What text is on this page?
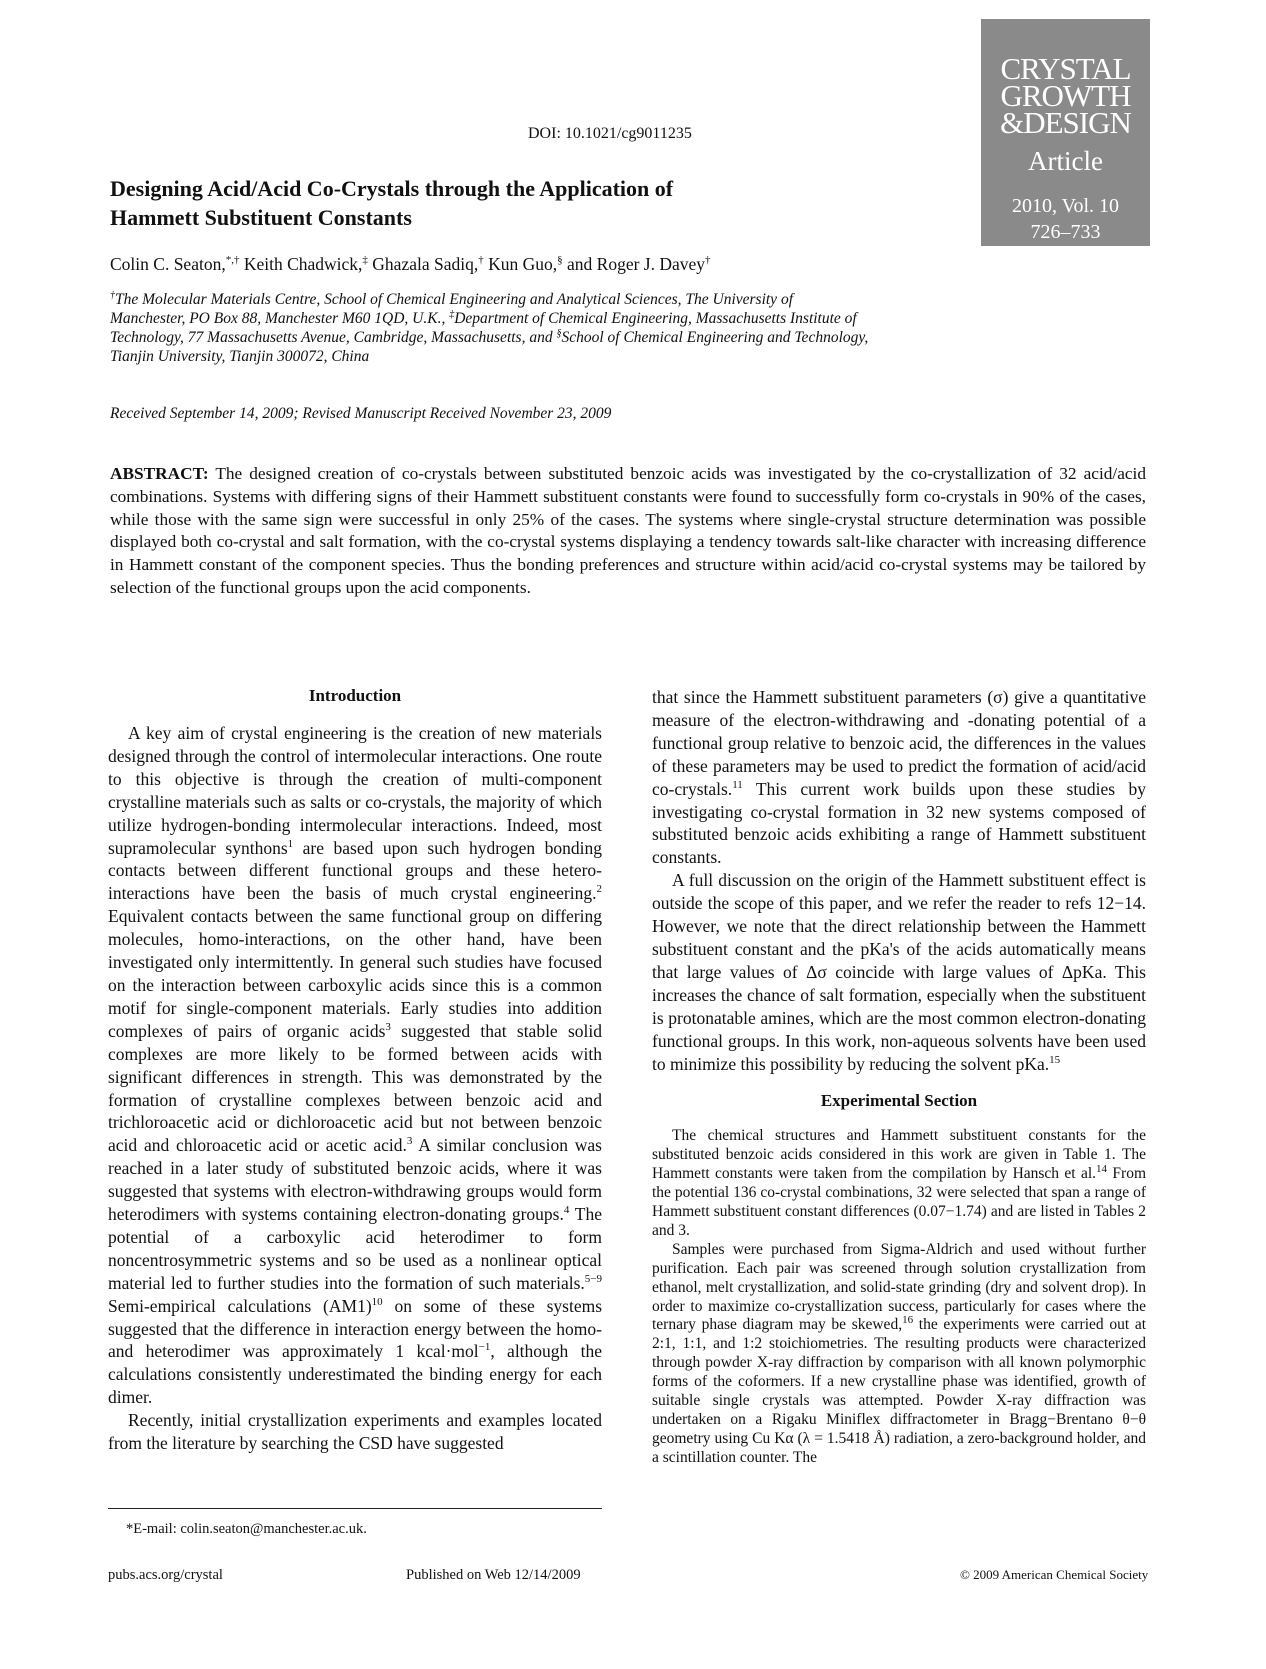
DOI: 10.1021/cg9011235
CRYSTAL
GROWTH
&DESIGN
Article
2010, Vol. 10
726–733
Designing Acid/Acid Co-Crystals through the Application of Hammett Substituent Constants
Colin C. Seaton,*,† Keith Chadwick,‡ Ghazala Sadiq,† Kun Guo,§ and Roger J. Davey†
†The Molecular Materials Centre, School of Chemical Engineering and Analytical Sciences, The University of Manchester, PO Box 88, Manchester M60 1QD, U.K., ‡Department of Chemical Engineering, Massachusetts Institute of Technology, 77 Massachusetts Avenue, Cambridge, Massachusetts, and §School of Chemical Engineering and Technology, Tianjin University, Tianjin 300072, China
Received September 14, 2009; Revised Manuscript Received November 23, 2009

ABSTRACT: The designed creation of co-crystals between substituted benzoic acids was investigated by the co-crystallization of 32 acid/acid combinations. Systems with differing signs of their Hammett substituent constants were found to successfully form co-crystals in 90% of the cases, while those with the same sign were successful in only 25% of the cases. The systems where single-crystal structure determination was possible displayed both co-crystal and salt formation, with the co-crystal systems displaying a tendency towards salt-like character with increasing difference in Hammett constant of the component species. Thus the bonding preferences and structure within acid/acid co-crystal systems may be tailored by selection of the functional groups upon the acid components.

Introduction

A key aim of crystal engineering is the creation of new materials designed through the control of intermolecular interactions. One route to this objective is through the creation of multi-component crystalline materials such as salts or co-crystals, the majority of which utilize hydrogen-bonding intermolecular interactions. Indeed, most supramolecular synthons$^1$ are based upon such hydrogen bonding contacts between different functional groups and these hetero-interactions have been the basis of much crystal engineering.$^2$ Equivalent contacts between the same functional group on differing molecules, homo-interactions, on the other hand, have been investigated only intermittently. In general such studies have focused on the interaction between carboxylic acids since this is a common motif for single-component materials. Early studies into addition complexes of pairs of organic acids$^3$ suggested that stable solid complexes are more likely to be formed between acids with significant differences in strength. This was demonstrated by the formation of crystalline complexes between benzoic acid and trichloroacetic acid or dichloroacetic acid but not between benzoic acid and chloroacetic acid or acetic acid.$^3$ A similar conclusion was reached in a later study of substituted benzoic acids, where it was suggested that systems with electron-withdrawing groups would form heterodimers with systems containing electron-donating groups.$^4$ The potential of a carboxylic acid heterodimer to form noncentrosymmetric systems and so be used as a nonlinear optical material led to further studies into the formation of such materials.$^{5-9}$ Semi-empirical calculations $(AM1)^{10}$ on some of these systems suggested that the difference in interaction energy between the homo- and heterodimer was approximately 1 kcal·mol$^{-1}$, although the calculations consistently underestimated the binding energy for each dimer.

Recently, initial crystallization experiments and examples located from the literature by searching the CSD have suggested

that since the Hammett substituent parameters (σ) give a quantitative measure of the electron-withdrawing and -donating potential of a functional group relative to benzoic acid, the differences in the values of these parameters may be used to predict the formation of acid/acid co-crystals.$^{11}$ This current work builds upon these studies by investigating co-crystal formation in 32 new systems composed of substituted benzoic acids exhibiting a range of Hammett substituent constants.

A full discussion on the origin of the Hammett substituent effect is outside the scope of this paper, and we refer the reader to refs 12−14. However, we note that the direct relationship between the Hammett substituent constant and the pKa's of the acids automatically means that large values of Δσ coincide with large values of ΔpKa. This increases the chance of salt formation, especially when the substituent is protonatable amines, which are the most common electron-donating functional groups. In this work, non-aqueous solvents have been used to minimize this possibility by reducing the solvent pKa.$^{15}$

Experimental Section

The chemical structures and Hammett substituent constants for the substituted benzoic acids considered in this work are given in Table 1. The Hammett constants were taken from the compilation by Hansch et al.$^{14}$ From the potential 136 co-crystal combinations, 32 were selected that span a range of Hammett substituent constant differences (0.07−1.74) and are listed in Tables 2 and 3.

Samples were purchased from Sigma-Aldrich and used without further purification. Each pair was screened through solution crystallization from ethanol, melt crystallization, and solid-state grinding (dry and solvent drop). In order to maximize co-crystallization success, particularly for cases where the ternary phase diagram may be skewed,$^{16}$ the experiments were carried out at 2:1, 1:1, and 1:2 stoichiometries. The resulting products were characterized through powder X-ray diffraction by comparison with all known polymorphic forms of the coformers. If a new crystalline phase was identified, growth of suitable single crystals was attempted. Powder X-ray diffraction was undertaken on a Rigaku Miniflex diffractometer in Bragg−Brentano θ−θ geometry using Cu Kα (λ = 1.5418 Å) radiation, a zero-background holder, and a scintillation counter. The

*E-mail: colin.seaton@manchester.ac.uk.
pubs.acs.org/crystal	Published on Web 12/14/2009	© 2009 American Chemical Society
